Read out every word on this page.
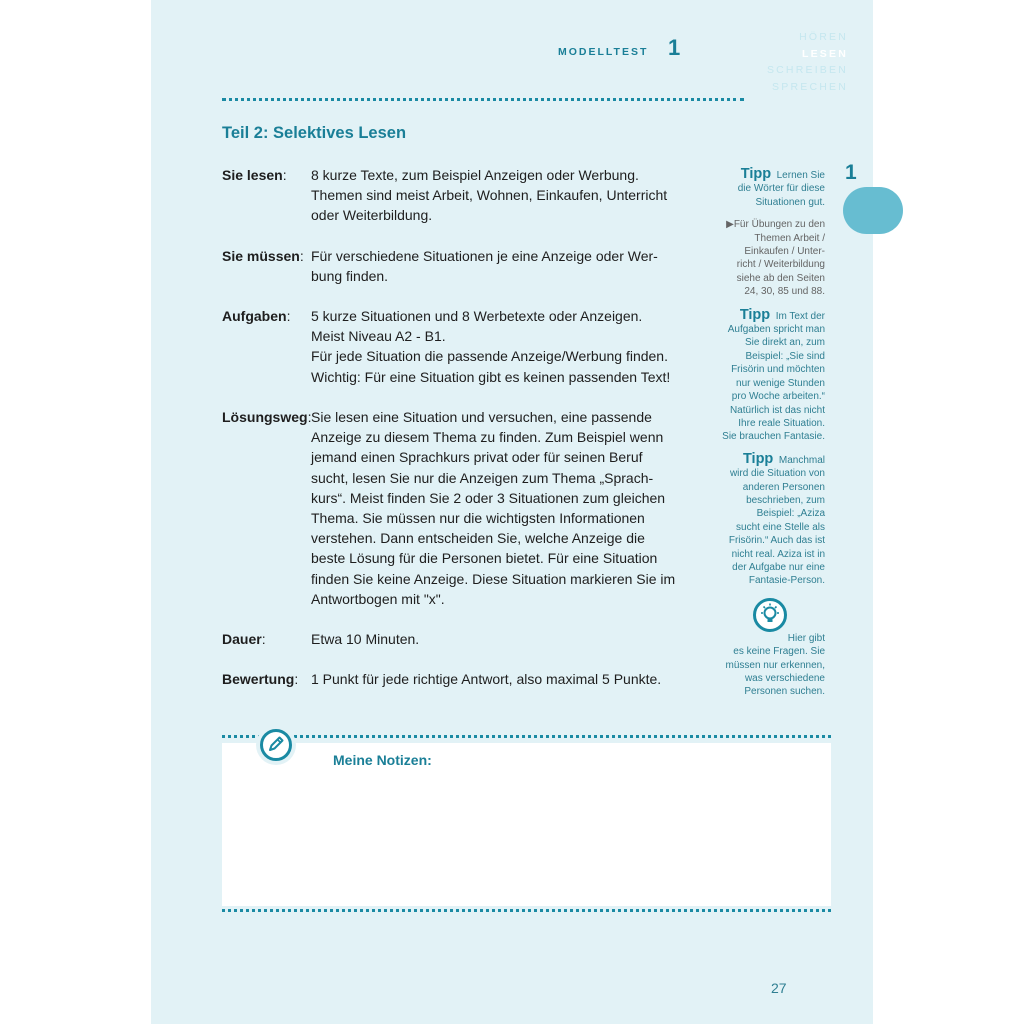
HÖREN
LESEN
SCHREIBEN
SPRECHEN
MODELLTEST 1
1
Teil 2: Selektives Lesen
Sie lesen: 8 kurze Texte, zum Beispiel Anzeigen oder Werbung.
Themen sind meist Arbeit, Wohnen, Einkaufen, Unterricht
oder Weiterbildung.
Sie müssen: Für verschiedene Situationen je eine Anzeige oder Wer-
bung finden.
Aufgaben: 5 kurze Situationen und 8 Werbetexte oder Anzeigen.
Meist Niveau A2 - B1.
Für jede Situation die passende Anzeige/Werbung finden.
Wichtig: Für eine Situation gibt es keinen passenden Text!
Lösungsweg: Sie lesen eine Situation und versuchen, eine passende
Anzeige zu diesem Thema zu finden. Zum Beispiel wenn
jemand einen Sprachkurs privat oder für seinen Beruf
sucht, lesen Sie nur die Anzeigen zum Thema „Sprach-
kurs“. Meist finden Sie 2 oder 3 Situationen zum gleichen
Thema. Sie müssen nur die wichtigsten Informationen
verstehen. Dann entscheiden Sie, welche Anzeige die
beste Lösung für die Personen bietet. Für eine Situation
finden Sie keine Anzeige. Diese Situation markieren Sie im
Antwortbogen mit "x".
Dauer:	Etwa 10 Minuten.
Bewertung: 1 Punkt für jede richtige Antwort, also maximal 5 Punkte.
Tipp Lernen Sie
die Wörter für diese
Situationen gut.
▶Für Übungen zu den
Themen Arbeit /
Einkaufen / Unter-
richt / Weiterbildung
siehe ab den Seiten
24, 30, 85 und 88.
Tipp Im Text der
Aufgaben spricht man
Sie direkt an, zum
Beispiel: „Sie sind
Frisörin und möchten
nur wenige Stunden
pro Woche arbeiten.“
Natürlich ist das nicht
Ihre reale Situation.
Sie brauchen Fantasie.
Tipp Manchmal
wird die Situation von
anderen Personen
beschrieben, zum
Beispiel: „Aziza
sucht eine Stelle als
Frisörin.“ Auch das ist
nicht real. Aziza ist in
der Aufgabe nur eine
Fantasie-Person.
Hier gibt
es keine Fragen. Sie
müssen nur erkennen,
was verschiedene
Personen suchen.
Meine Notizen:
27
